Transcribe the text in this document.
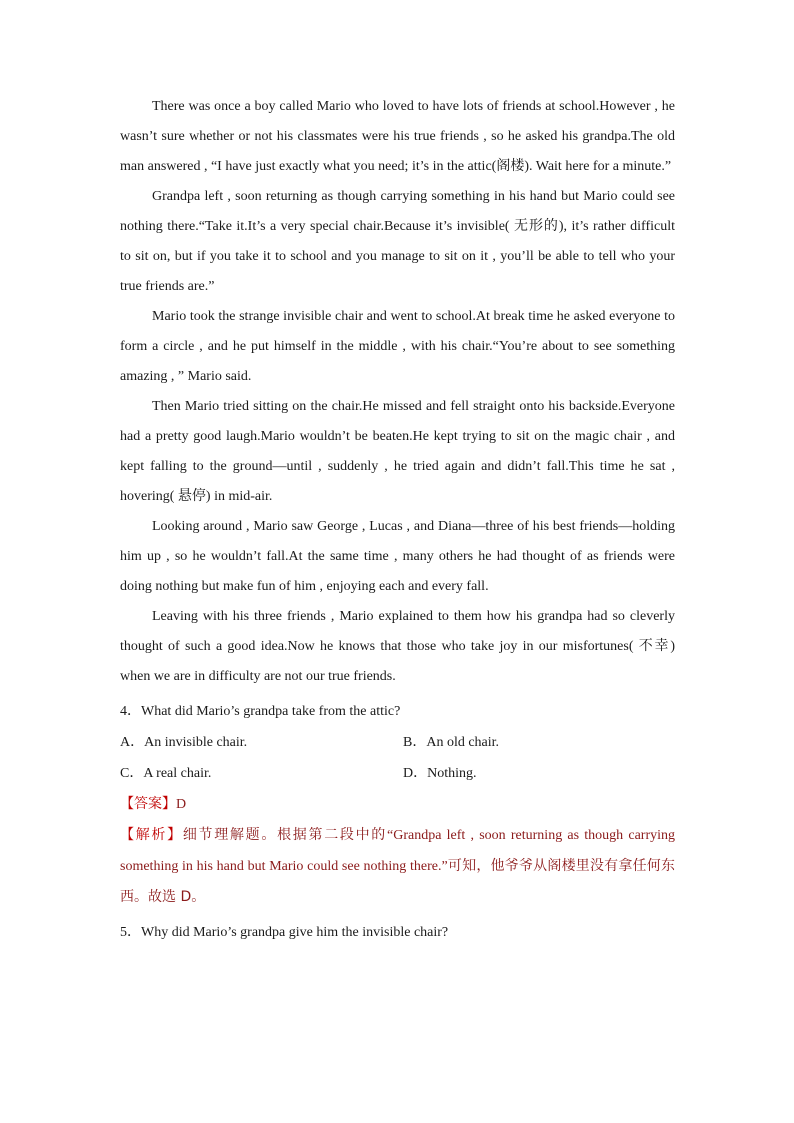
There was once a boy called Mario who loved to have lots of friends at school.However , he wasn’t sure whether or not his classmates were his true friends , so he asked his grandpa.The old man answered , “I have just exactly what you need; it’s in the attic(阁楼). Wait here for a minute.”

Grandpa left , soon returning as though carrying something in his hand but Mario could see nothing there.“Take it.It’s a very special chair.Because it’s invisible( 无形的), it’s rather difficult to sit on, but if you take it to school and you manage to sit on it , you’ll be able to tell who your true friends are.”

Mario took the strange invisible chair and went to school.At break time he asked everyone to form a circle , and he put himself in the middle , with his chair.“You’re about to see something amazing , ” Mario said.

Then Mario tried sitting on the chair.He missed and fell straight onto his backside.Everyone had a pretty good laugh.Mario wouldn’t be beaten.He kept trying to sit on the magic chair , and kept falling to the ground—until , suddenly , he tried again and didn’t fall.This time he sat , hovering( 悬停) in mid-air.

Looking around , Mario saw George , Lucas , and Diana—three of his best friends—holding him up , so he wouldn’t fall.At the same time , many others he had thought of as friends were doing nothing but make fun of him , enjoying each and every fall.

Leaving with his three friends , Mario explained to them how his grandpa had so cleverly thought of such a good idea.Now he knows that those who take joy in our misfortunes( 不幸) when we are in difficulty are not our true friends.

4．What did Mario’s grandpa take from the attic?
A．An invisible chair.	B．An old chair.
C．A real chair.	D．Nothing.
【答案】D

【解析】细节理解题。根据第二段中的“Grandpa left , soon returning as though carrying something in his hand but Mario could see nothing there.”可知，他爷爷从阁楼里没有拿任何东西。故选 D。

5．Why did Mario’s grandpa give him the invisible chair?
